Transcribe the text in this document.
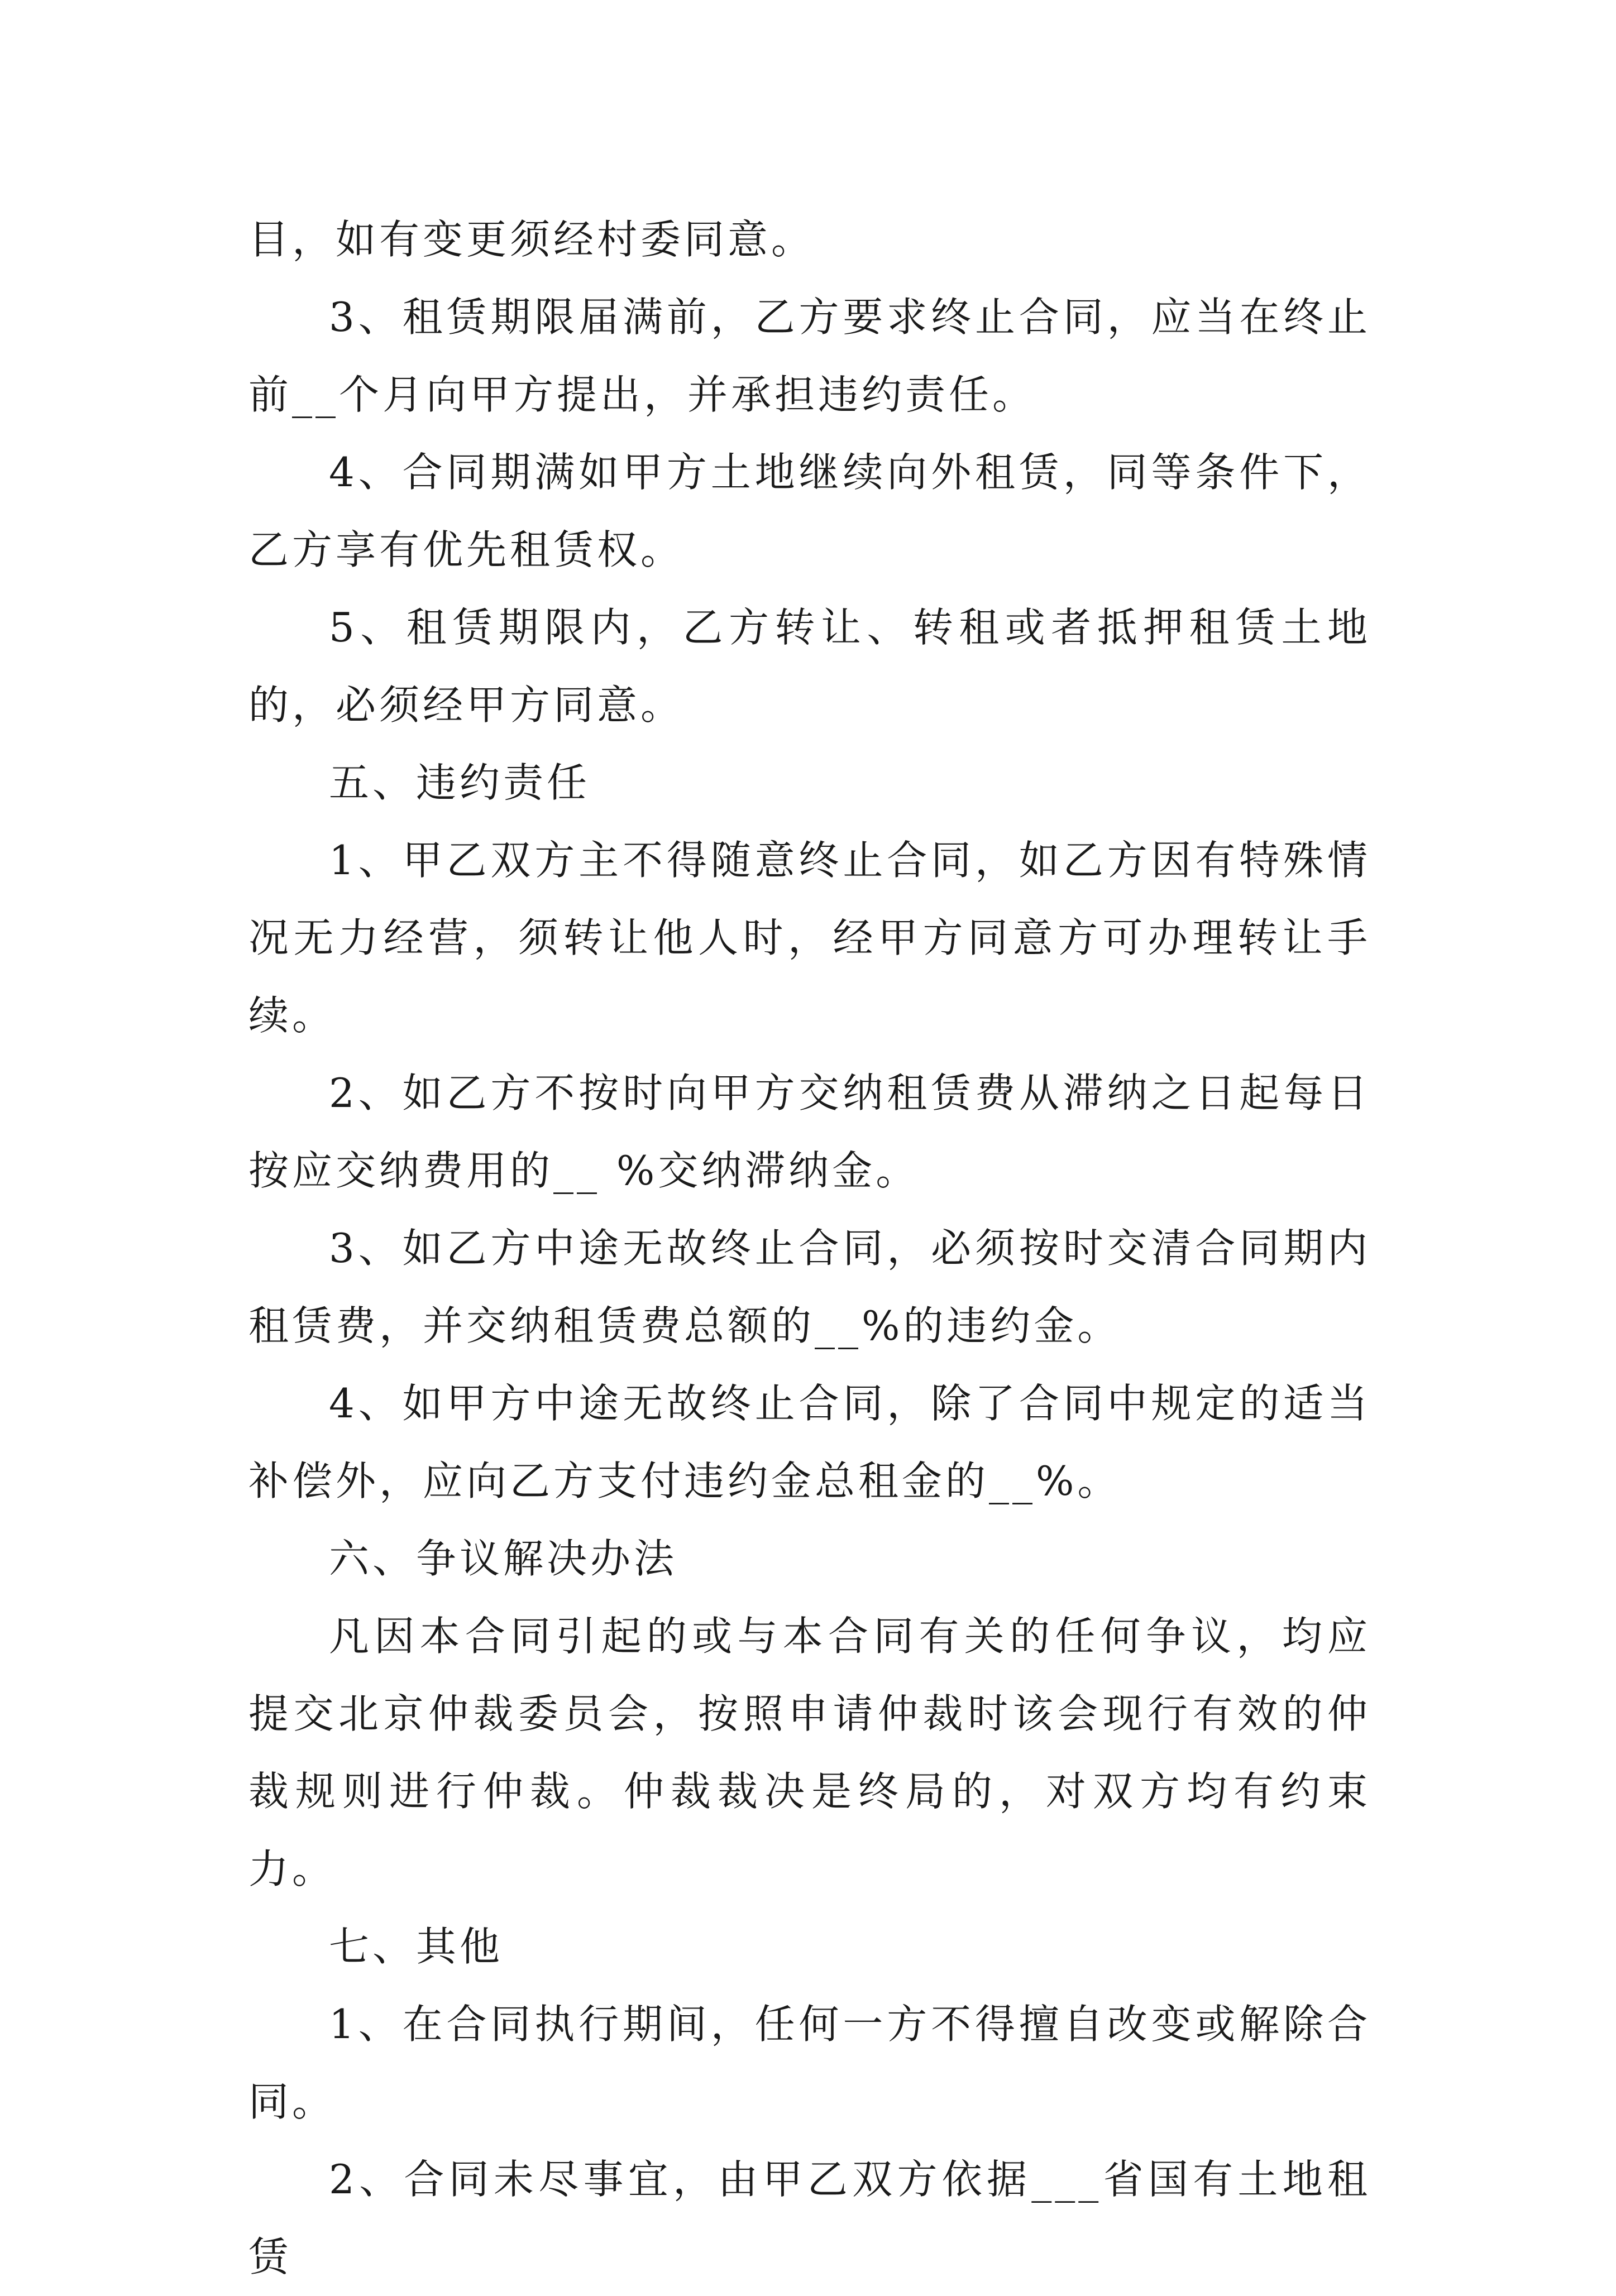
目，如有变更须经村委同意。

3、租赁期限届满前，乙方要求终止合同，应当在终止前__个月向甲方提出，并承担违约责任。

4、合同期满如甲方土地继续向外租赁，同等条件下，乙方享有优先租赁权。

5、租赁期限内，乙方转让、转租或者抵押租赁土地的，必须经甲方同意。

五、违约责任

1、甲乙双方主不得随意终止合同，如乙方因有特殊情况无力经营，须转让他人时，经甲方同意方可办理转让手续。

2、如乙方不按时向甲方交纳租赁费从滞纳之日起每日按应交纳费用的__ %交纳滞纳金。

3、如乙方中途无故终止合同，必须按时交清合同期内租赁费，并交纳租赁费总额的__%的违约金。

4、如甲方中途无故终止合同，除了合同中规定的适当补偿外，应向乙方支付违约金总租金的__%。

六、争议解决办法

凡因本合同引起的或与本合同有关的任何争议，均应提交北京仲裁委员会，按照申请仲裁时该会现行有效的仲裁规则进行仲裁。仲裁裁决是终局的，对双方均有约束力。

七、其他

1、在合同执行期间，任何一方不得擅自改变或解除合同。

2、合同未尽事宜，由甲乙双方依据___省国有土地租赁
